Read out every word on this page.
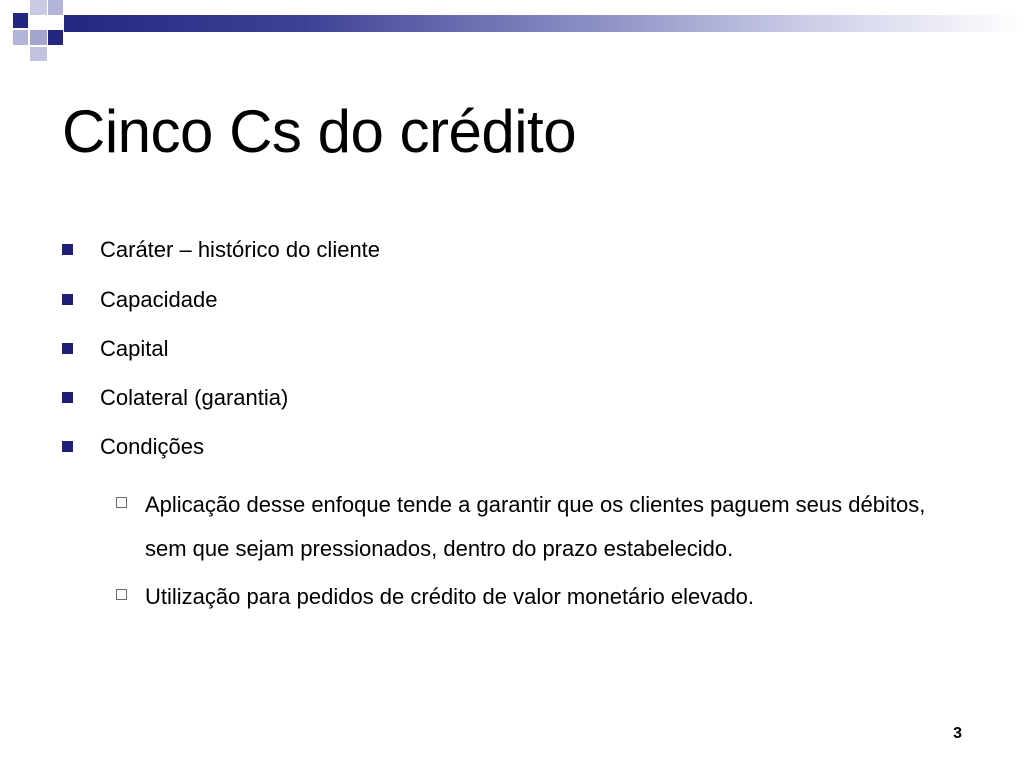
Cinco Cs do crédito
Caráter – histórico do cliente
Capacidade
Capital
Colateral (garantia)
Condições
Aplicação desse enfoque tende a garantir que os clientes paguem seus débitos, sem que sejam pressionados, dentro do prazo estabelecido.
Utilização para pedidos de crédito de valor monetário elevado.
3
